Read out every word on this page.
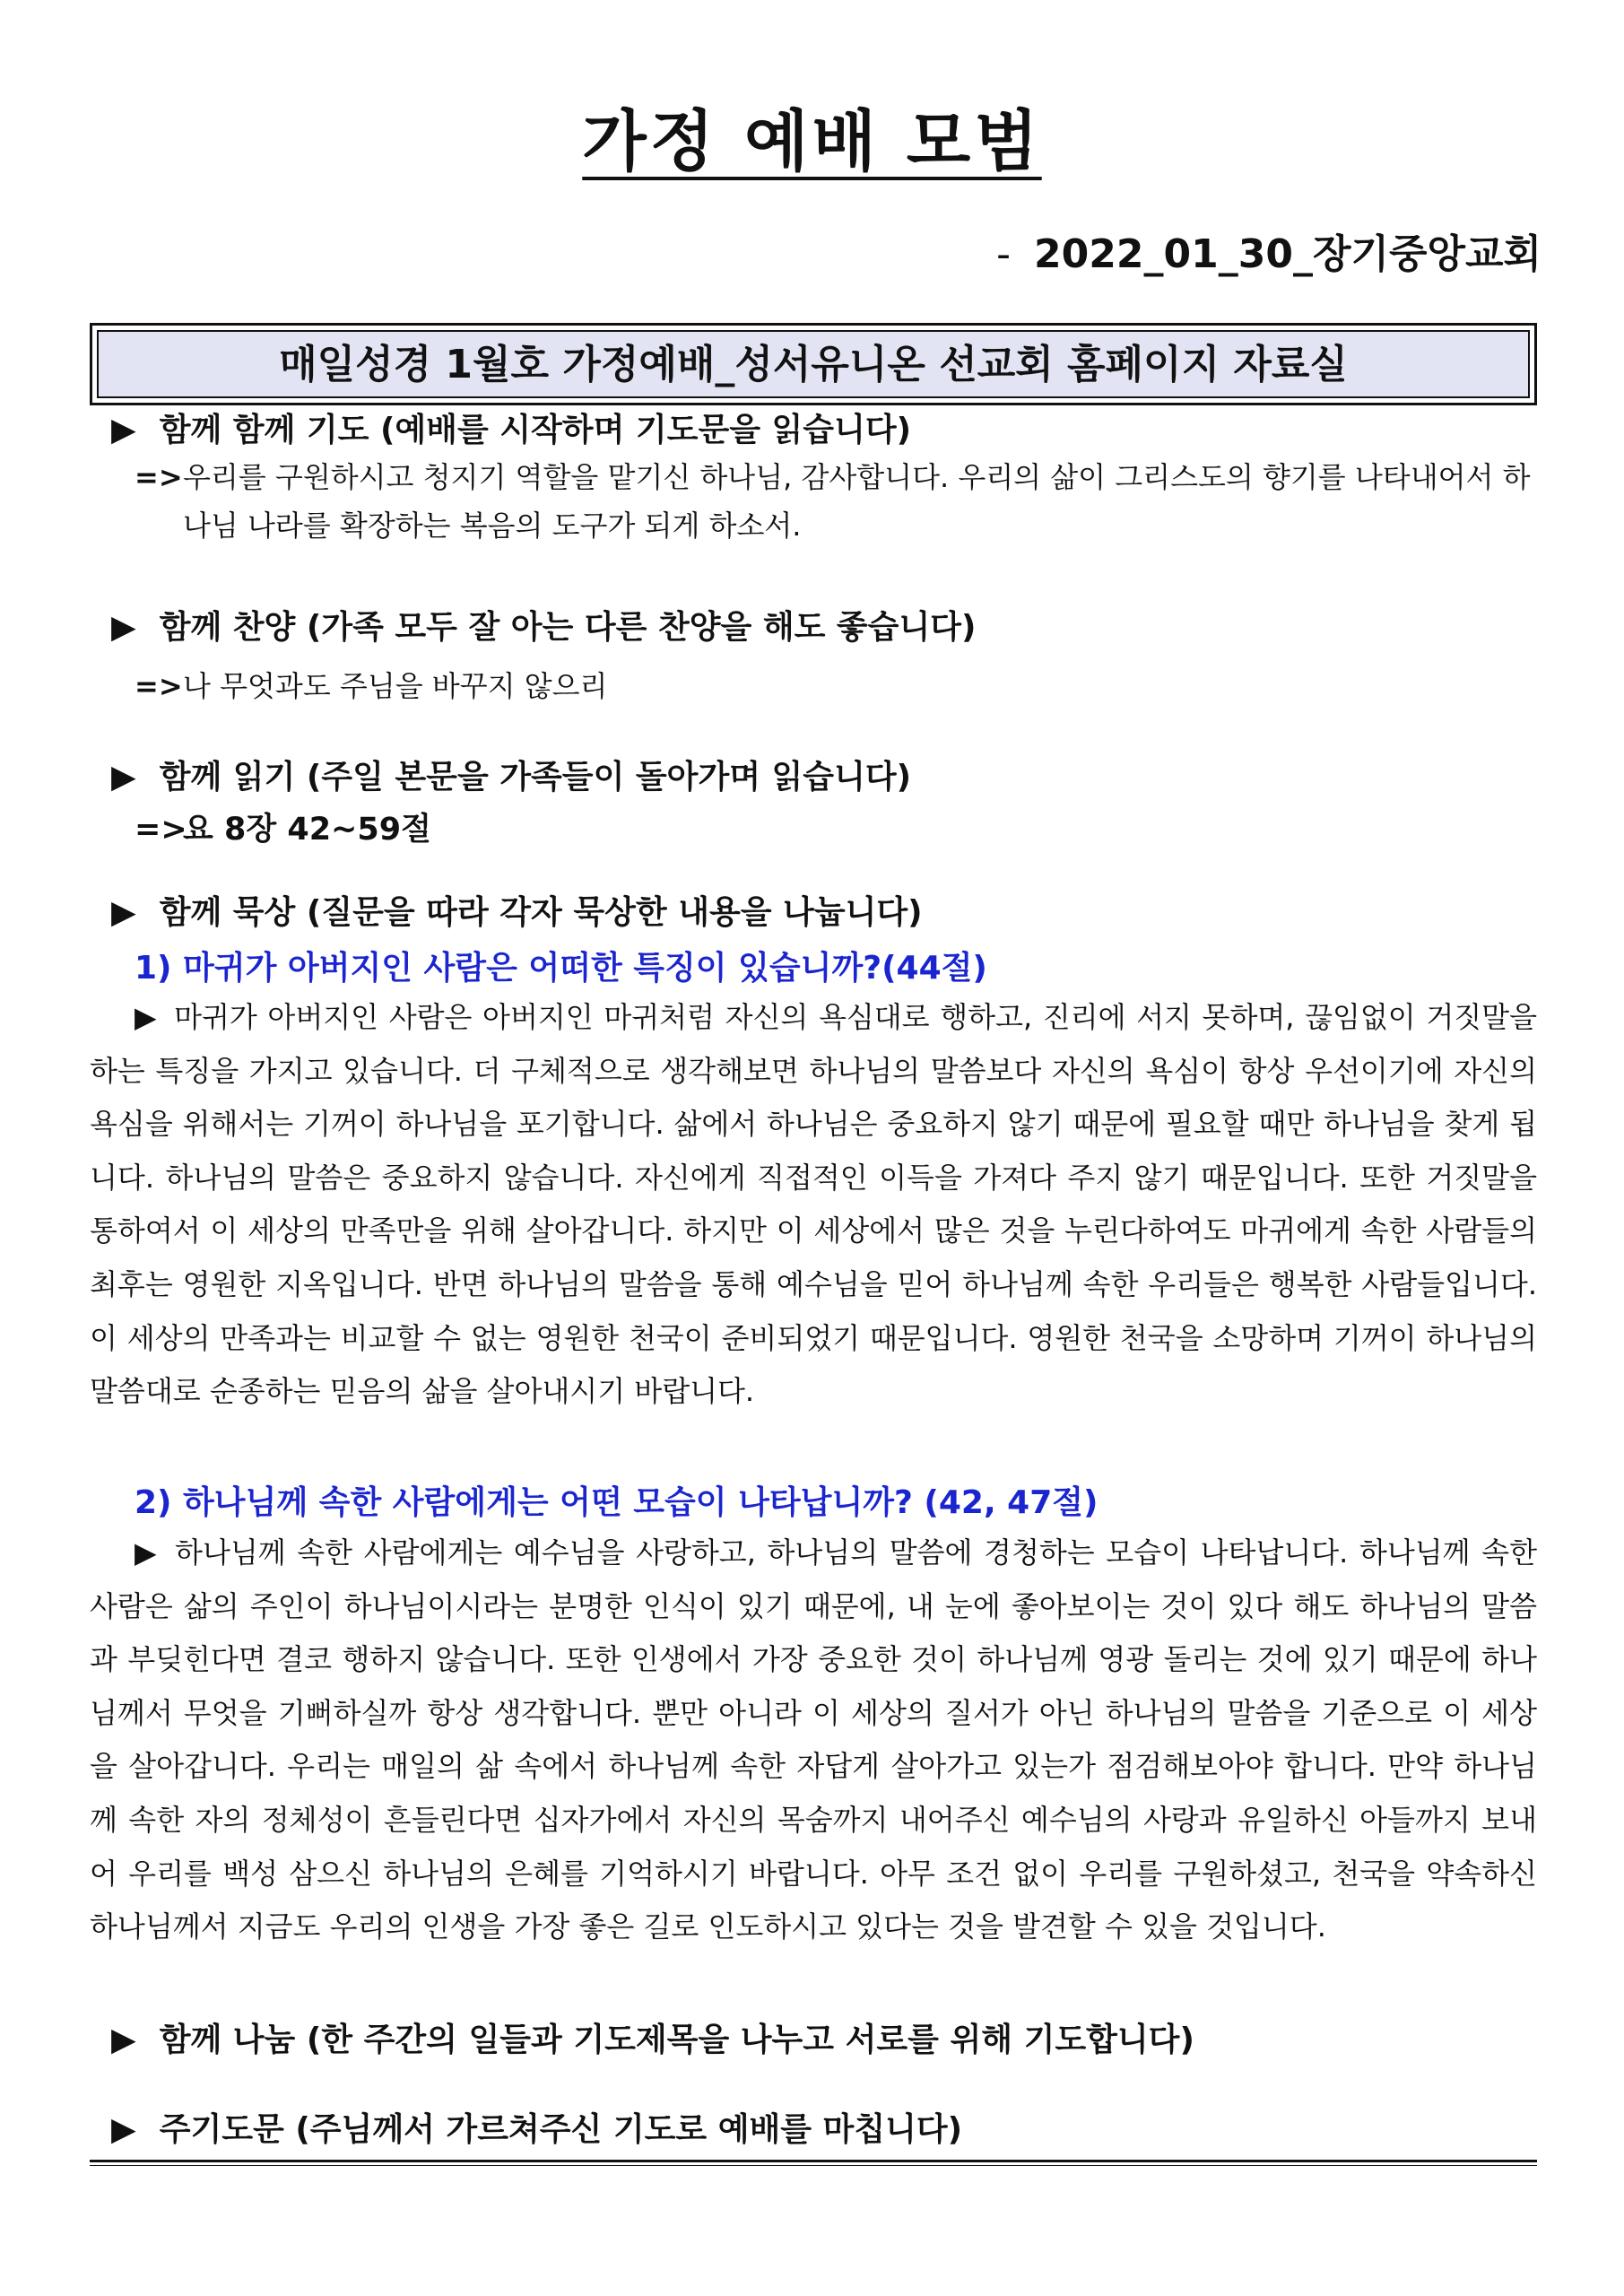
가정 예배 모범
- 2022_01_30_장기중앙교회
매일성경 1월호 가정예배_성서유니온 선교회 홈페이지 자료실
▶ 함께 함께 기도 (예배를 시작하며 기도문을 읽습니다)
=> 우리를 구원하시고 청지기 역할을 맡기신 하나님, 감사합니다. 우리의 삶이 그리스도의 향기를 나타내어서 하나님 나라를 확장하는 복음의 도구가 되게 하소서.
▶ 함께 찬양 (가족 모두 잘 아는 다른 찬양을 해도 좋습니다)
=> 나 무엇과도 주님을 바꾸지 않으리
▶ 함께 읽기 (주일 본문을 가족들이 돌아가며 읽습니다)
=>
요 8장 42~59절
▶ 함께 묵상 (질문을 따라 각자 묵상한 내용을 나눕니다)
1) 마귀가 아버지인 사람은 어떠한 특징이 있습니까?(44절)
▶ 마귀가 아버지인 사람은 아버지인 마귀처럼 자신의 욕심대로 행하고, 진리에 서지 못하며, 끊임없이 거짓말을 하는 특징을 가지고 있습니다. 더 구체적으로 생각해보면 하나님의 말씀보다 자신의 욕심이 항상 우선이기에 자신의 욕심을 위해서는 기꺼이 하나님을 포기합니다. 삶에서 하나님은 중요하지 않기 때문에 필요할 때만 하나님을 찾게 됩니다. 하나님의 말씀은 중요하지 않습니다. 자신에게 직접적인 이득을 가져다 주지 않기 때문입니다. 또한 거짓말을 통하여서 이 세상의 만족만을 위해 살아갑니다. 하지만 이 세상에서 많은 것을 누린다하여도 마귀에게 속한 사람들의 최후는 영원한 지옥입니다. 반면 하나님의 말씀을 통해 예수님을 믿어 하나님께 속한 우리들은 행복한 사람들입니다. 이 세상의 만족과는 비교할 수 없는 영원한 천국이 준비되었기 때문입니다. 영원한 천국을 소망하며 기꺼이 하나님의 말씀대로 순종하는 믿음의 삶을 살아내시기 바랍니다.
2) 하나님께 속한 사람에게는 어떤 모습이 나타납니까? (42, 47절)
▶ 하나님께 속한 사람에게는 예수님을 사랑하고, 하나님의 말씀에 경청하는 모습이 나타납니다. 하나님께 속한 사람은 삶의 주인이 하나님이시라는 분명한 인식이 있기 때문에, 내 눈에 좋아보이는 것이 있다 해도 하나님의 말씀과 부딪힌다면 결코 행하지 않습니다. 또한 인생에서 가장 중요한 것이 하나님께 영광 돌리는 것에 있기 때문에 하나님께서 무엇을 기뻐하실까 항상 생각합니다. 뿐만 아니라 이 세상의 질서가 아닌 하나님의 말씀을 기준으로 이 세상을 살아갑니다. 우리는 매일의 삶 속에서 하나님께 속한 자답게 살아가고 있는가 점검해보아야 합니다. 만약 하나님께 속한 자의 정체성이 흔들린다면 십자가에서 자신의 목숨까지 내어주신 예수님의 사랑과 유일하신 아들까지 보내어 우리를 백성 삼으신 하나님의 은혜를 기억하시기 바랍니다. 아무 조건 없이 우리를 구원하셨고, 천국을 약속하신 하나님께서 지금도 우리의 인생을 가장 좋은 길로 인도하시고 있다는 것을 발견할 수 있을 것입니다.
▶ 함께 나눔 (한 주간의 일들과 기도제목을 나누고 서로를 위해 기도합니다)
▶ 주기도문 (주님께서 가르쳐주신 기도로 예배를 마칩니다)
